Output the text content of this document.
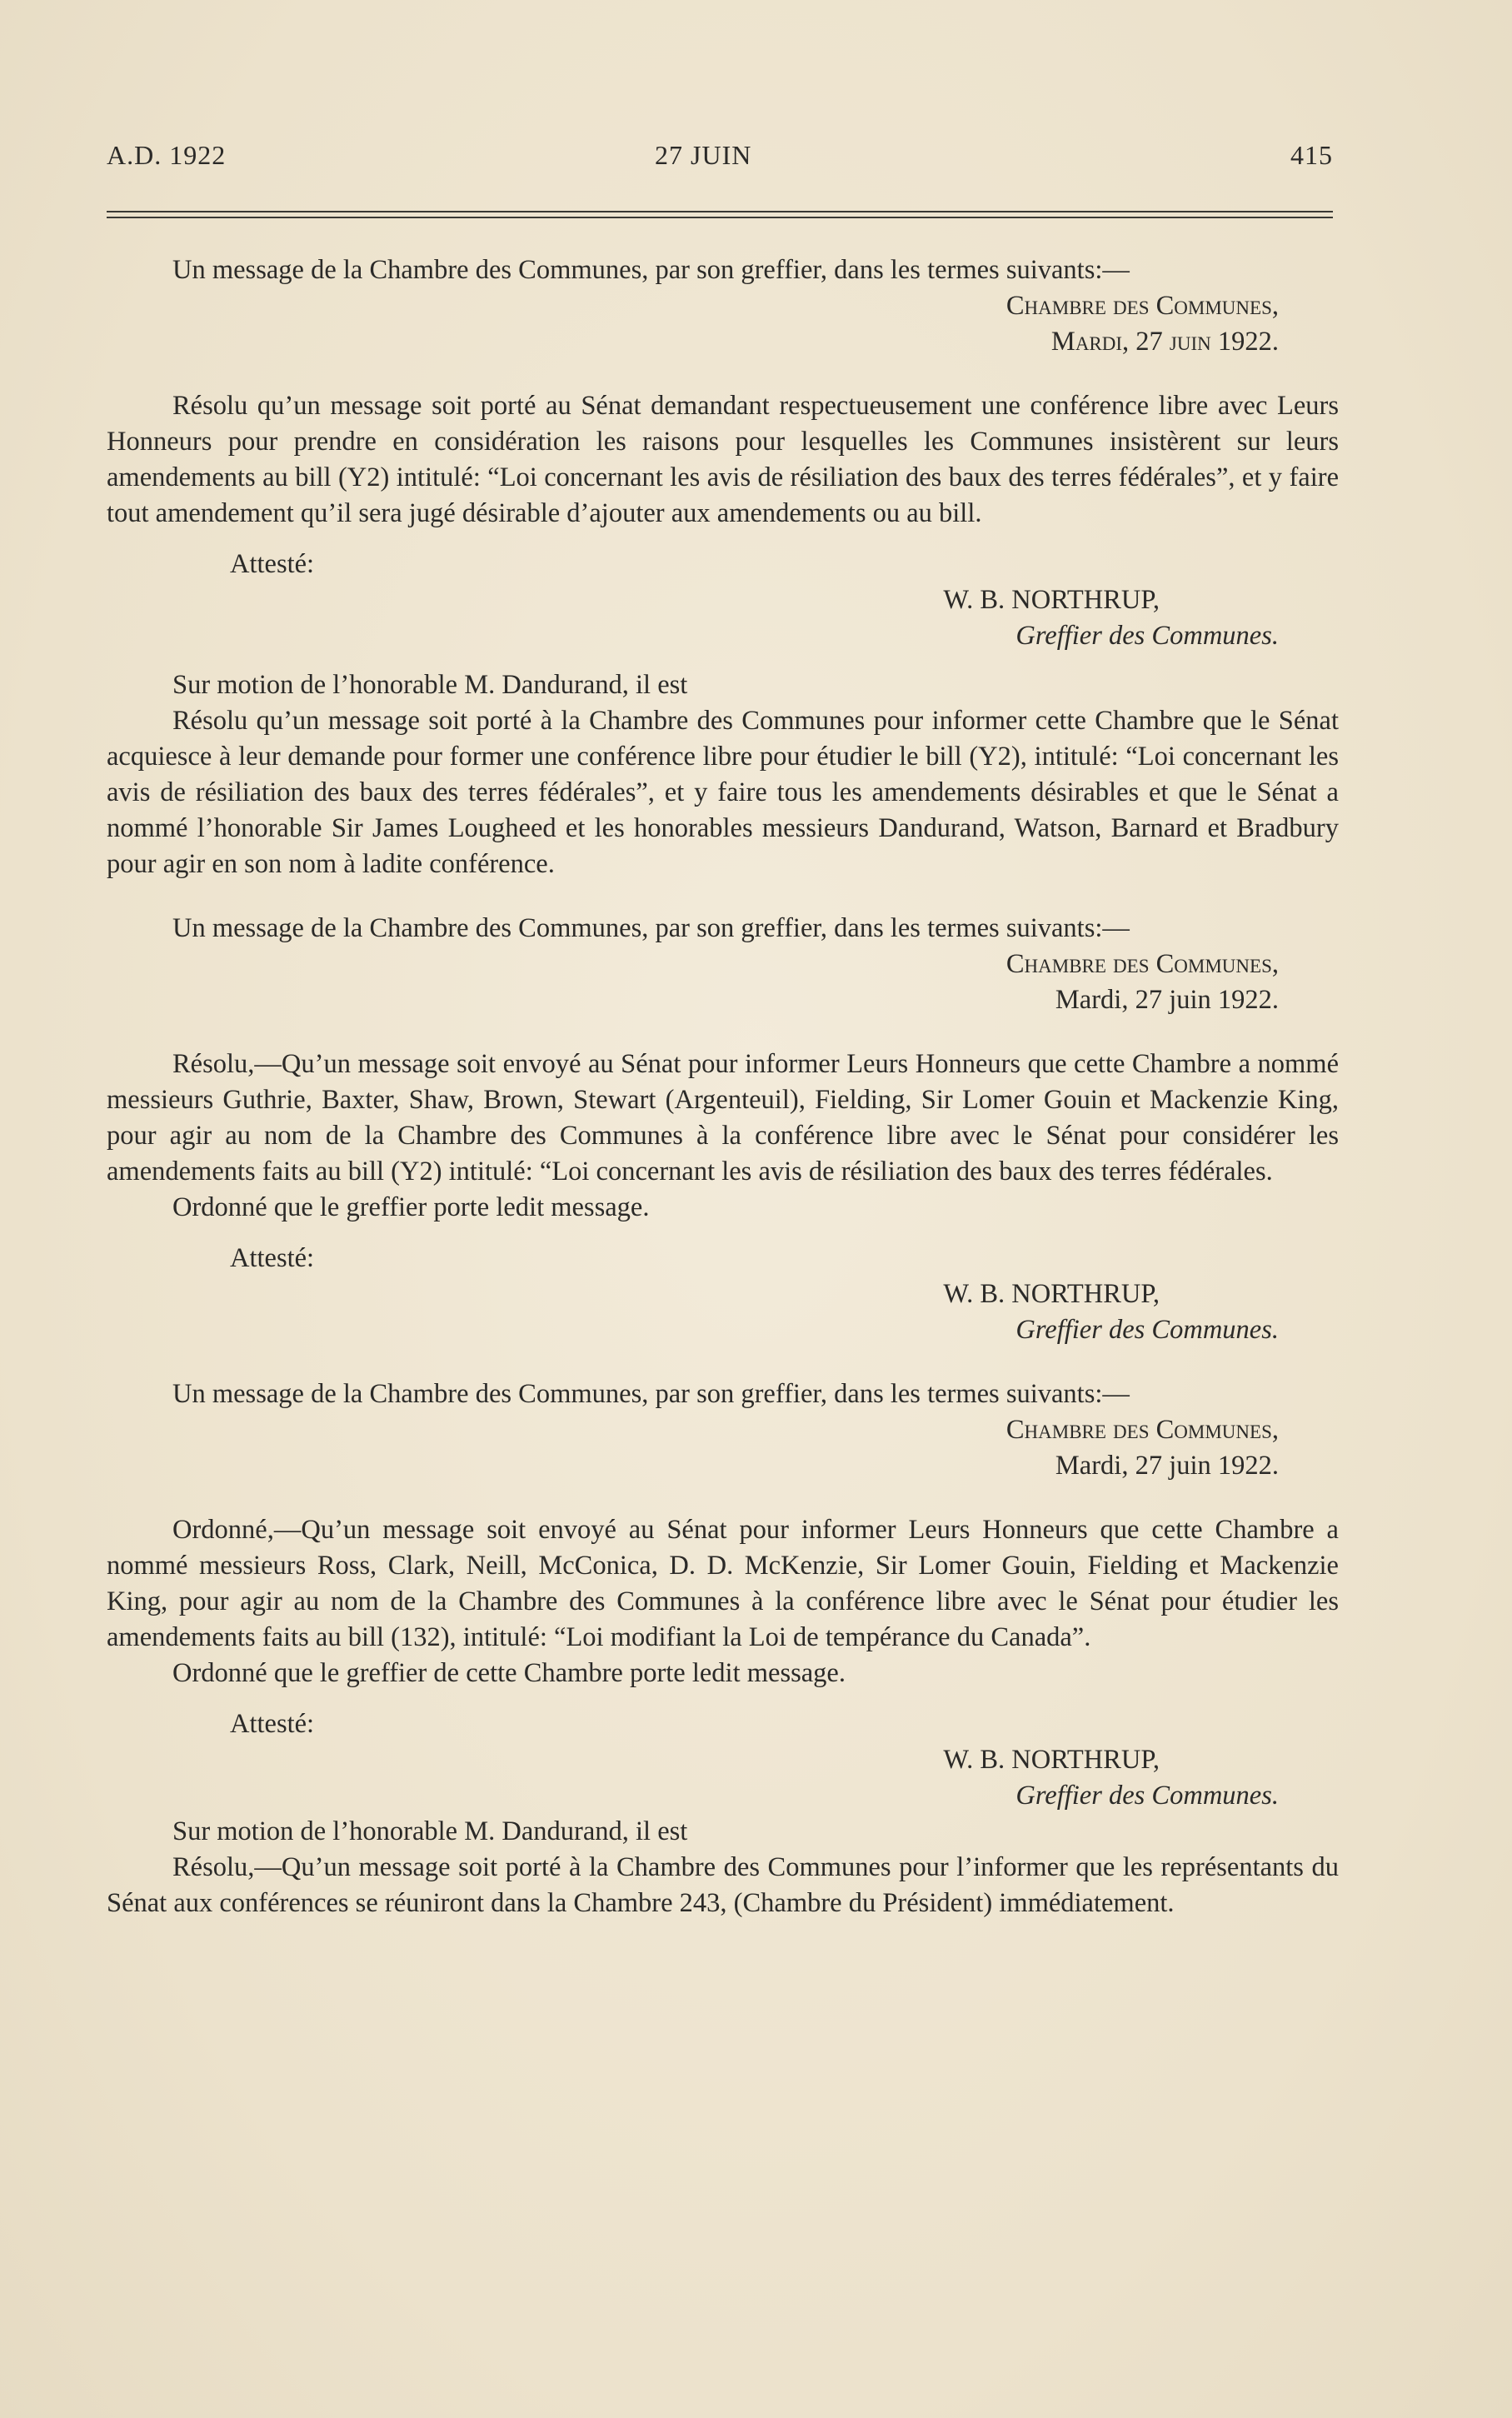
A.D. 1922	27 JUIN	415

Un message de la Chambre des Communes, par son greffier, dans les termes suivants:—

Chambre des Communes,

Mardi, 27 juin 1922.

Résolu qu’un message soit porté au Sénat demandant respectueusement une conférence libre avec Leurs Honneurs pour prendre en considération les raisons pour lesquelles les Communes insistèrent sur leurs amendements au bill (Y2) intitulé: “Loi concernant les avis de résiliation des baux des terres fédérales”, et y faire tout amendement qu’il sera jugé désirable d’ajouter aux amendements ou au bill.

Attesté:

W. B. NORTHRUP,

Greffier des Communes.

Sur motion de l’honorable M. Dandurand, il est

Résolu qu’un message soit porté à la Chambre des Communes pour informer cette Chambre que le Sénat acquiesce à leur demande pour former une conférence libre pour étudier le bill (Y2), intitulé: “Loi concernant les avis de résiliation des baux des terres fédérales”, et y faire tous les amendements désirables et que le Sénat a nommé l’honorable Sir James Lougheed et les honorables messieurs Dandurand, Watson, Barnard et Bradbury pour agir en son nom à ladite conférence.

Un message de la Chambre des Communes, par son greffier, dans les termes suivants:—

Chambre des Communes,

Mardi, 27 juin 1922.

Résolu,—Qu’un message soit envoyé au Sénat pour informer Leurs Honneurs que cette Chambre a nommé messieurs Guthrie, Baxter, Shaw, Brown, Stewart (Argenteuil), Fielding, Sir Lomer Gouin et Mackenzie King, pour agir au nom de la Chambre des Communes à la conférence libre avec le Sénat pour considérer les amendements faits au bill (Y2) intitulé: “Loi concernant les avis de résiliation des baux des terres fédérales.

Ordonné que le greffier porte ledit message.

Attesté:

W. B. NORTHRUP,

Greffier des Communes.

Un message de la Chambre des Communes, par son greffier, dans les termes suivants:—

Chambre des Communes,

Mardi, 27 juin 1922.

Ordonné,—Qu’un message soit envoyé au Sénat pour informer Leurs Honneurs que cette Chambre a nommé messieurs Ross, Clark, Neill, McConica, D. D. McKenzie, Sir Lomer Gouin, Fielding et Mackenzie King, pour agir au nom de la Chambre des Communes à la conférence libre avec le Sénat pour étudier les amendements faits au bill (132), intitulé: “Loi modifiant la Loi de tempérance du Canada”.

Ordonné que le greffier de cette Chambre porte ledit message.

Attesté:

W. B. NORTHRUP,

Greffier des Communes.

Sur motion de l’honorable M. Dandurand, il est

Résolu,—Qu’un message soit porté à la Chambre des Communes pour l’informer que les représentants du Sénat aux conférences se réuniront dans la Chambre 243, (Chambre du Président) immédiatement.
